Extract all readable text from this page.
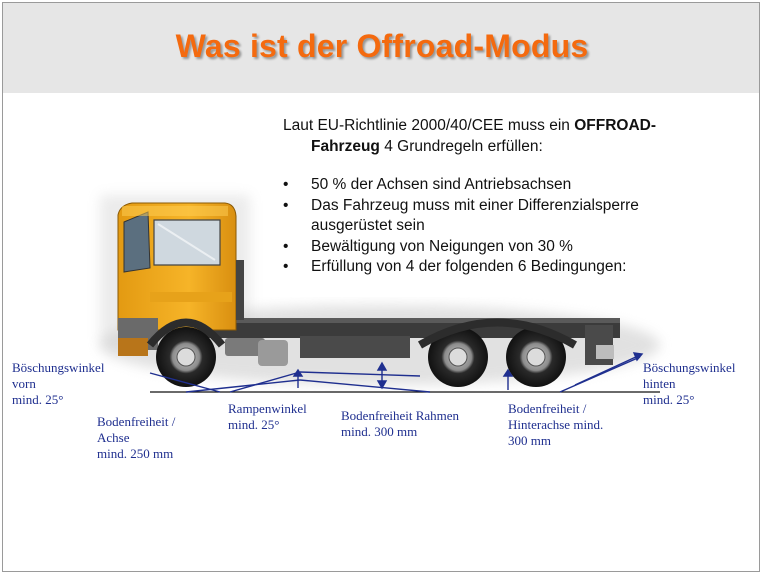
Was ist der Offroad-Modus
Laut EU-Richtlinie 2000/40/CEE muss ein OFFROAD-
Fahrzeug 4 Grundregeln erfüllen:
• 50 % der Achsen sind Antriebsachsen
• Das Fahrzeug muss mit einer Differenzialsperre ausgerüstet sein
• Bewältigung von Neigungen von 30 %
• Erfüllung von 4 der folgenden 6 Bedingungen:
Böschungswinkel
vorn
mind. 25°
Bodenfreiheit /
Achse
mind. 250 mm
Rampenwinkel
mind. 25°
Bodenfreiheit Rahmen
mind. 300 mm
Bodenfreiheit /
Hinterachse mind.
300 mm
Böschungswinkel
hinten
mind. 25°
